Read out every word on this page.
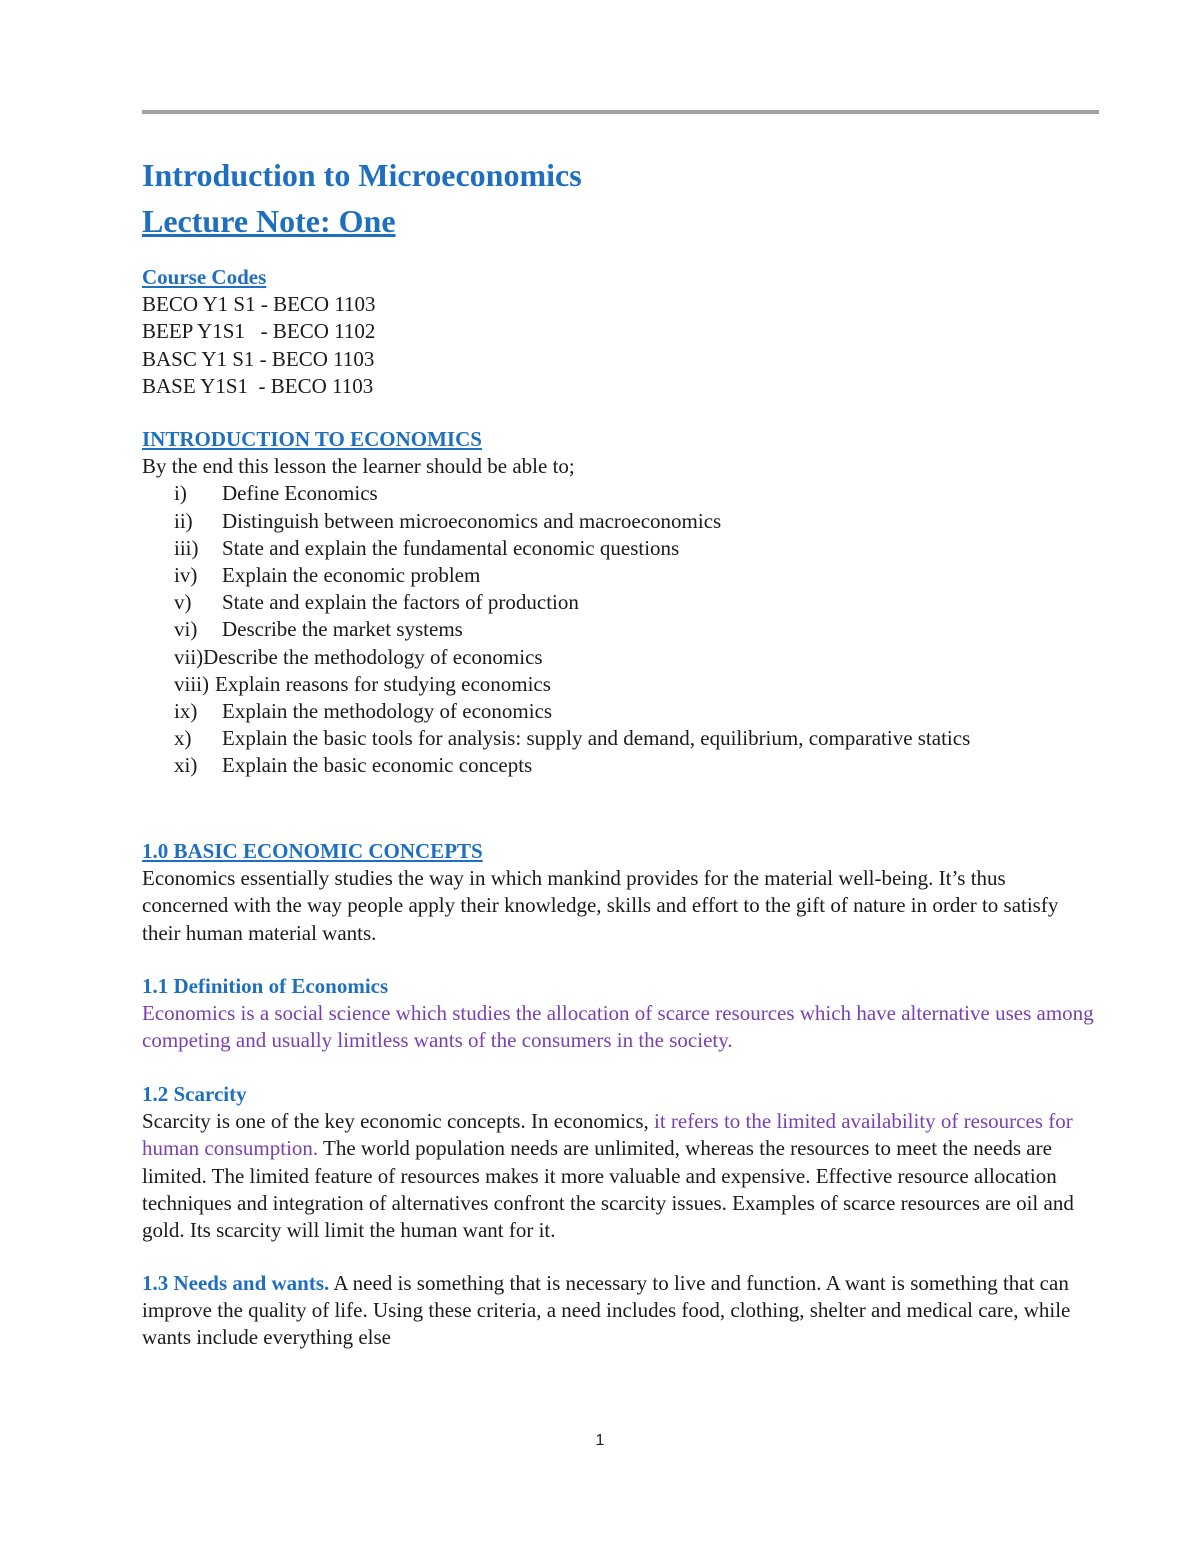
Introduction to Microeconomics
Lecture Note: One
Course Codes
BECO Y1 S1 - BECO 1103
BEEP Y1S1   - BECO 1102
BASC Y1 S1 - BECO 1103
BASE Y1S1  - BECO 1103
INTRODUCTION TO ECONOMICS
By the end this lesson the learner should be able to;
i) Define Economics
ii) Distinguish between microeconomics and macroeconomics
iii) State and explain the fundamental economic questions
iv) Explain the economic problem
v) State and explain the factors of production
vi) Describe the market systems
vii)Describe the methodology of economics
viii) Explain reasons for studying economics
ix) Explain the methodology of economics
x) Explain the basic tools for analysis: supply and demand, equilibrium, comparative statics
xi) Explain the basic economic concepts
1.0 BASIC ECONOMIC CONCEPTS
Economics essentially studies the way in which mankind provides for the material well-being. It’s thus concerned with the way people apply their knowledge, skills and effort to the gift of nature in order to satisfy their human material wants.
1.1 Definition of Economics
Economics is a social science which studies the allocation of scarce resources which have alternative uses among competing and usually limitless wants of the consumers in the society.
1.2 Scarcity
Scarcity is one of the key economic concepts. In economics, it refers to the limited availability of resources for human consumption. The world population needs are unlimited, whereas the resources to meet the needs are limited. The limited feature of resources makes it more valuable and expensive. Effective resource allocation techniques and integration of alternatives confront the scarcity issues. Examples of scarce resources are oil and gold. Its scarcity will limit the human want for it.
1.3 Needs and wants. A need is something that is necessary to live and function. A want is something that can improve the quality of life. Using these criteria, a need includes food, clothing, shelter and medical care, while wants include everything else
1
